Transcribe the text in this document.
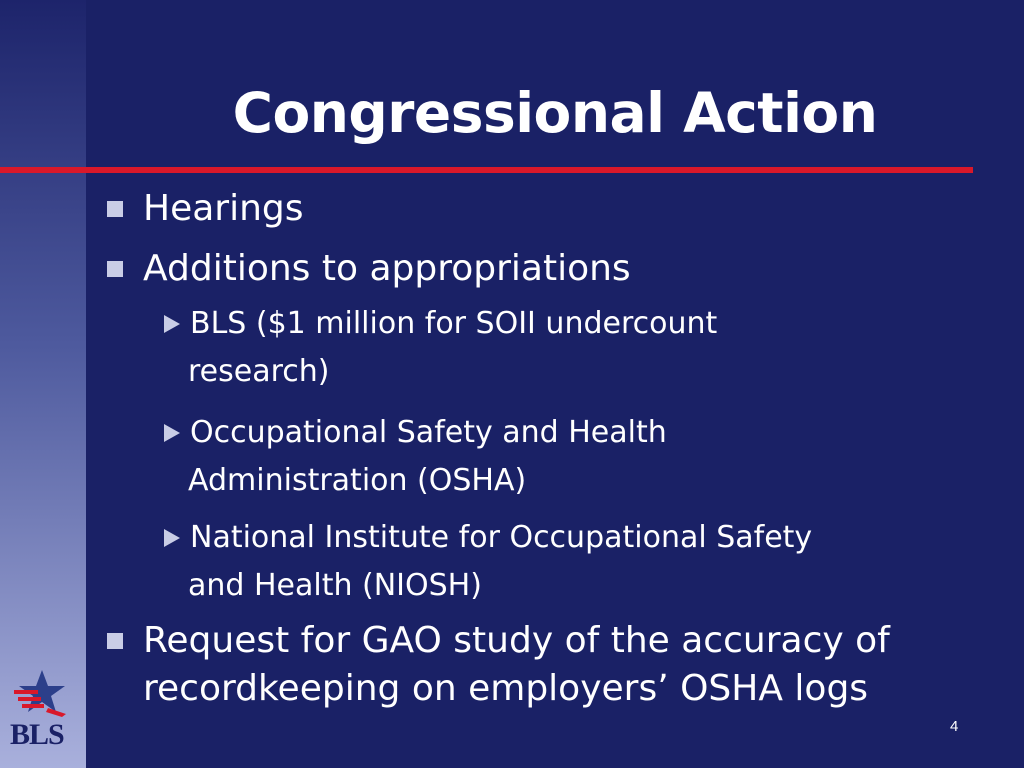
Congressional Action
Hearings
Additions to appropriations
BLS ($1 million for SOII undercount
research)
Occupational Safety and Health
Administration (OSHA)
National Institute for Occupational Safety
and Health (NIOSH)
Request for GAO study of the accuracy of
recordkeeping on employers’ OSHA logs
BLS	4
